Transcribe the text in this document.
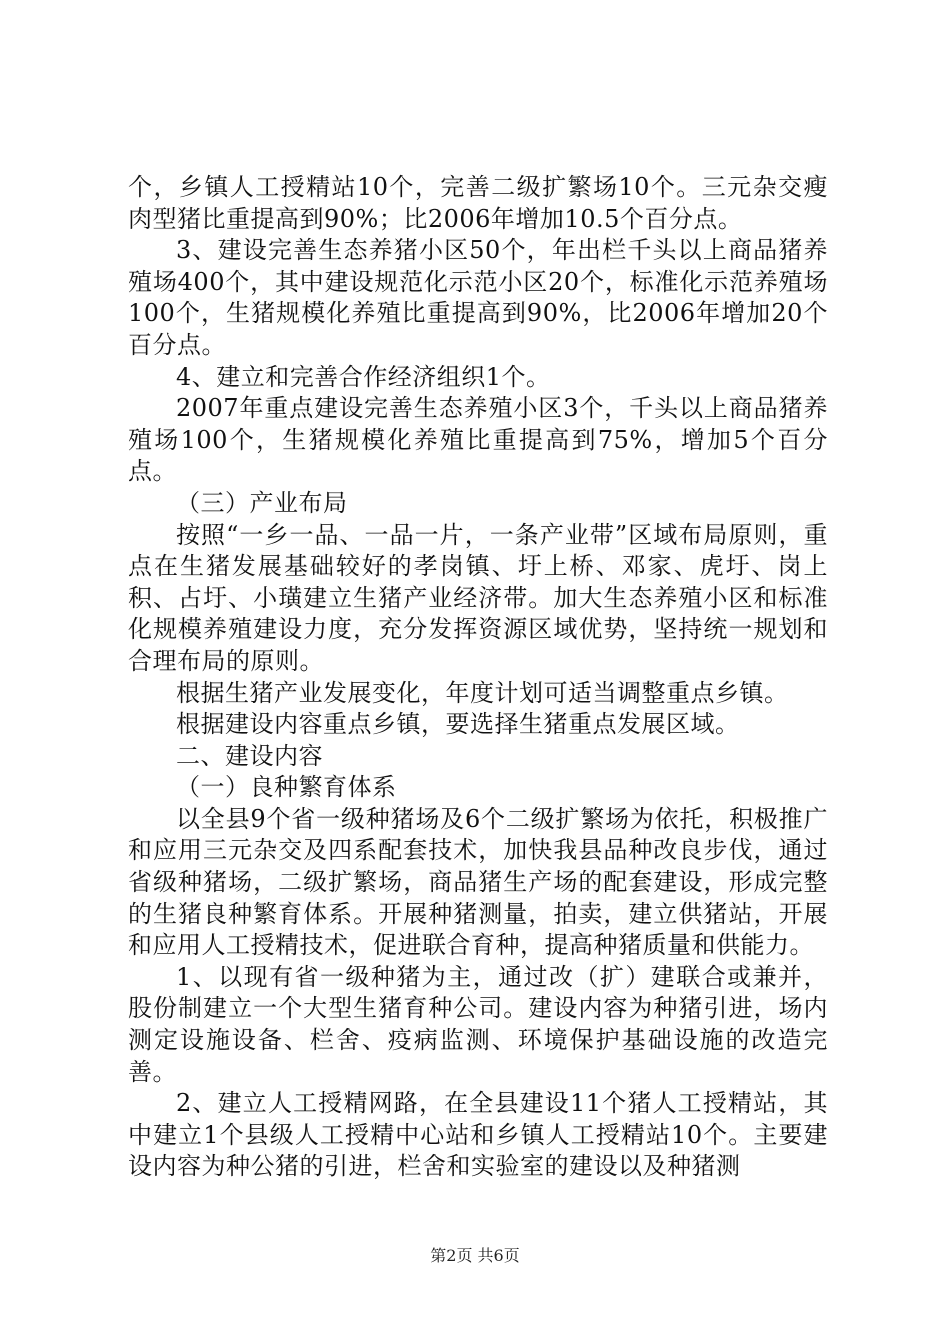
个，乡镇人工授精站10个，完善二级扩繁场10个。三元杂交瘦肉型猪比重提高到90%；比2006年增加10.5个百分点。

3、建设完善生态养猪小区50个，年出栏千头以上商品猪养殖场400个，其中建设规范化示范小区20个，标准化示范养殖场100个，生猪规模化养殖比重提高到90%，比2006年增加20个百分点。

4、建立和完善合作经济组织1个。

2007年重点建设完善生态养殖小区3个，千头以上商品猪养殖场100个，生猪规模化养殖比重提高到75%，增加5个百分点。

（三）产业布局

按照“一乡一品、一品一片，一条产业带”区域布局原则，重点在生猪发展基础较好的孝岗镇、圩上桥、邓家、虎圩、岗上积、占圩、小璜建立生猪产业经济带。加大生态养殖小区和标准化规模养殖建设力度，充分发挥资源区域优势，坚持统一规划和合理布局的原则。

根据生猪产业发展变化，年度计划可适当调整重点乡镇。

根据建设内容重点乡镇，要选择生猪重点发展区域。

二、建设内容

（一）良种繁育体系

以全县9个省一级种猪场及6个二级扩繁场为依托，积极推广和应用三元杂交及四系配套技术，加快我县品种改良步伐，通过省级种猪场，二级扩繁场，商品猪生产场的配套建设，形成完整的生猪良种繁育体系。开展种猪测量，拍卖，建立供猪站，开展和应用人工授精技术，促进联合育种，提高种猪质量和供能力。

1、以现有省一级种猪为主，通过改（扩）建联合或兼并，股份制建立一个大型生猪育种公司。建设内容为种猪引进，场内测定设施设备、栏舍、疫病监测、环境保护基础设施的改造完善。

2、建立人工授精网路，在全县建设11个猪人工授精站，其中建立1个县级人工授精中心站和乡镇人工授精站10个。主要建设内容为种公猪的引进，栏舍和实验室的建设以及种猪测

第2页 共6页
